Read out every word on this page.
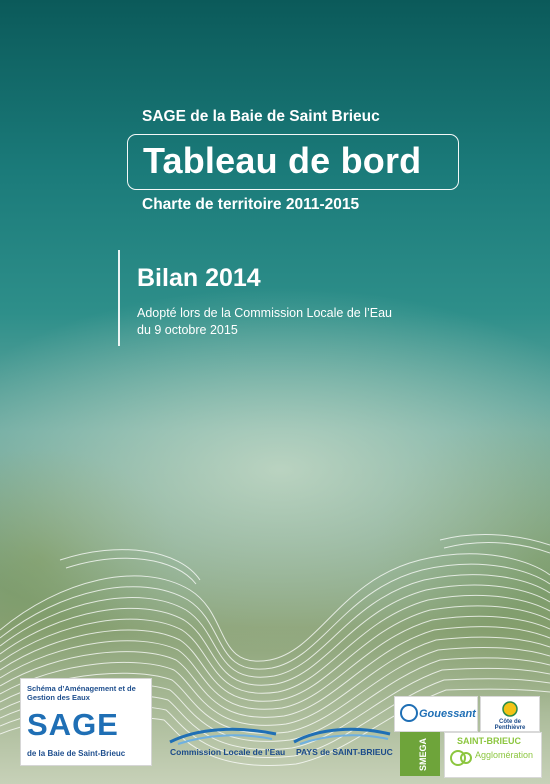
SAGE de la Baie de Saint Brieuc
Tableau de bord
Charte de territoire 2011-2015
Bilan 2014
Adopté lors de la Commission Locale de l’Eau
du 9 octobre 2015
Schéma d’Aménagement et de Gestion des Eaux
SAGE
de la Baie de Saint-Brieuc	Commission Locale de l’Eau PAYS de SAINT-BRIEUC
Gouessant
Côte de Penthièvre
SMEGA	SAINT-BRIEUC
Agglomération
